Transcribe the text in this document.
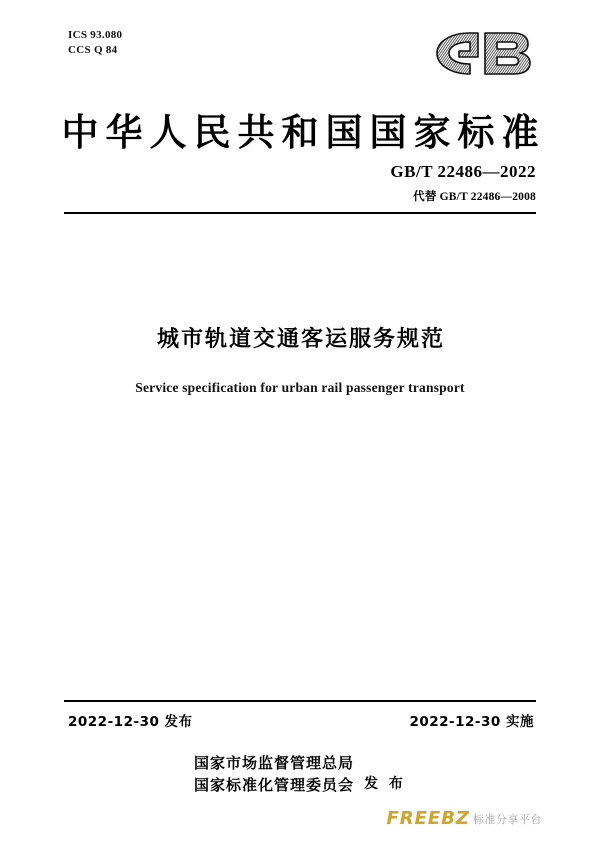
ICS 93.080
CCS Q 84
中华人民共和国国家标准
GB/T 22486—2022
代替 GB/T 22486—2008
城市轨道交通客运服务规范
Service specification for urban rail passenger transport
2022-12-30 发布	2022-12-30 实施
国家市场监督管理总局
国家标准化管理委员会 发 布
FREEBZ 标准分享平台
